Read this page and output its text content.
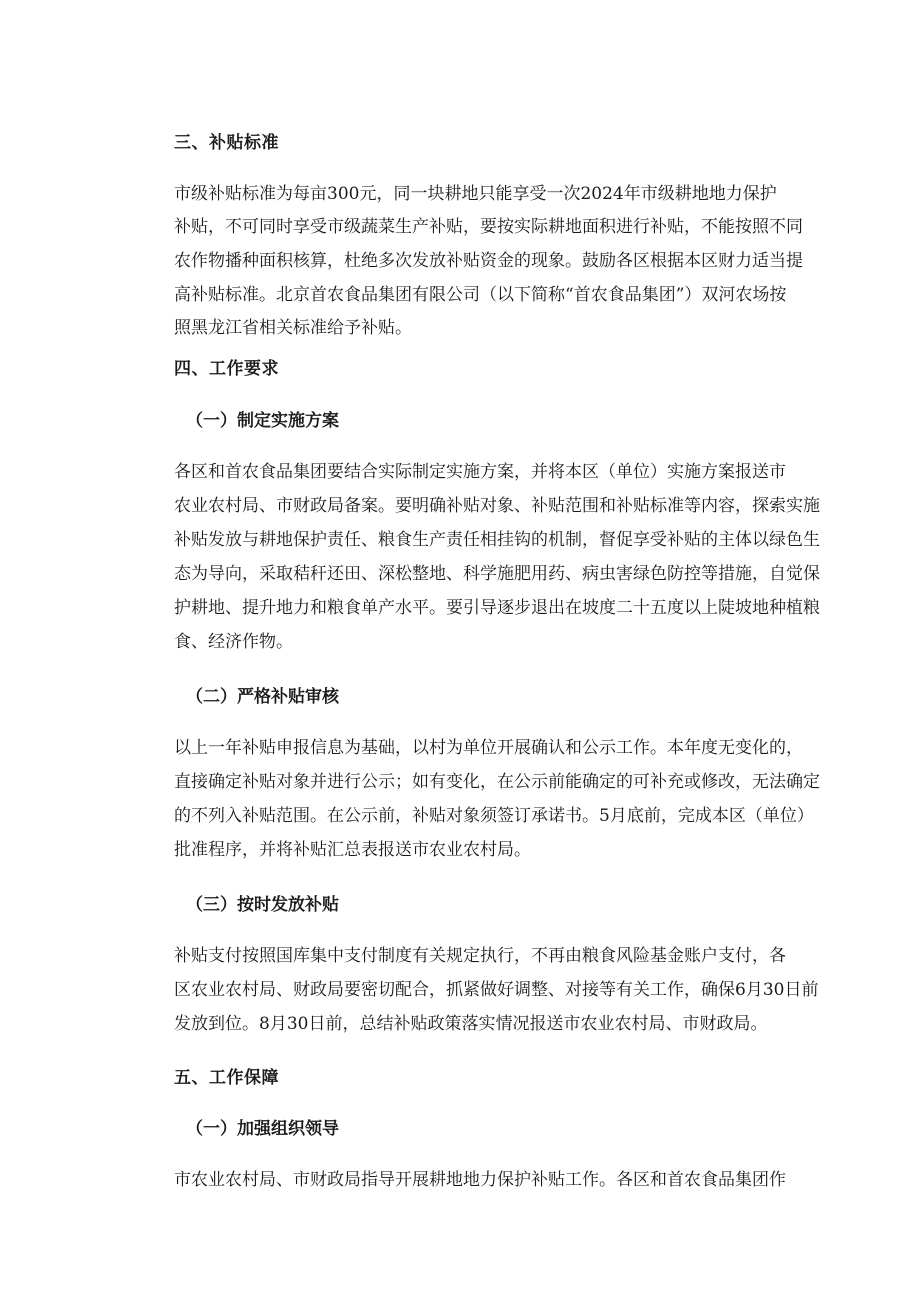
三、补贴标准

市级补贴标准为每亩300元，同一块耕地只能享受一次2024年市级耕地地力保护

补贴，不可同时享受市级蔬菜生产补贴，要按实际耕地面积进行补贴，不能按照不同

农作物播种面积核算，杜绝多次发放补贴资金的现象。鼓励各区根据本区财力适当提

高补贴标准。北京首农食品集团有限公司（以下简称“首农食品集团”）双河农场按

照黑龙江省相关标准给予补贴。

四、工作要求
（一）制定实施方案

各区和首农食品集团要结合实际制定实施方案，并将本区（单位）实施方案报送市

农业农村局、市财政局备案。要明确补贴对象、补贴范围和补贴标准等内容，探索实施

补贴发放与耕地保护责任、粮食生产责任相挂钩的机制，督促享受补贴的主体以绿色生

态为导向，采取秸秆还田、深松整地、科学施肥用药、病虫害绿色防控等措施，自觉保

护耕地、提升地力和粮食单产水平。要引导逐步退出在坡度二十五度以上陡坡地种植粮

食、经济作物。

（二）严格补贴审核

以上一年补贴申报信息为基础，以村为单位开展确认和公示工作。本年度无变化的，

直接确定补贴对象并进行公示；如有变化，在公示前能确定的可补充或修改，无法确定

的不列入补贴范围。在公示前，补贴对象须签订承诺书。5月底前，完成本区（单位）

批准程序，并将补贴汇总表报送市农业农村局。

（三）按时发放补贴

补贴支付按照国库集中支付制度有关规定执行，不再由粮食风险基金账户支付，各

区农业农村局、财政局要密切配合，抓紧做好调整、对接等有关工作，确保6月30日前

发放到位。8月30日前，总结补贴政策落实情况报送市农业农村局、市财政局。

五、工作保障
（一）加强组织领导

市农业农村局、市财政局指导开展耕地地力保护补贴工作。各区和首农食品集团作
